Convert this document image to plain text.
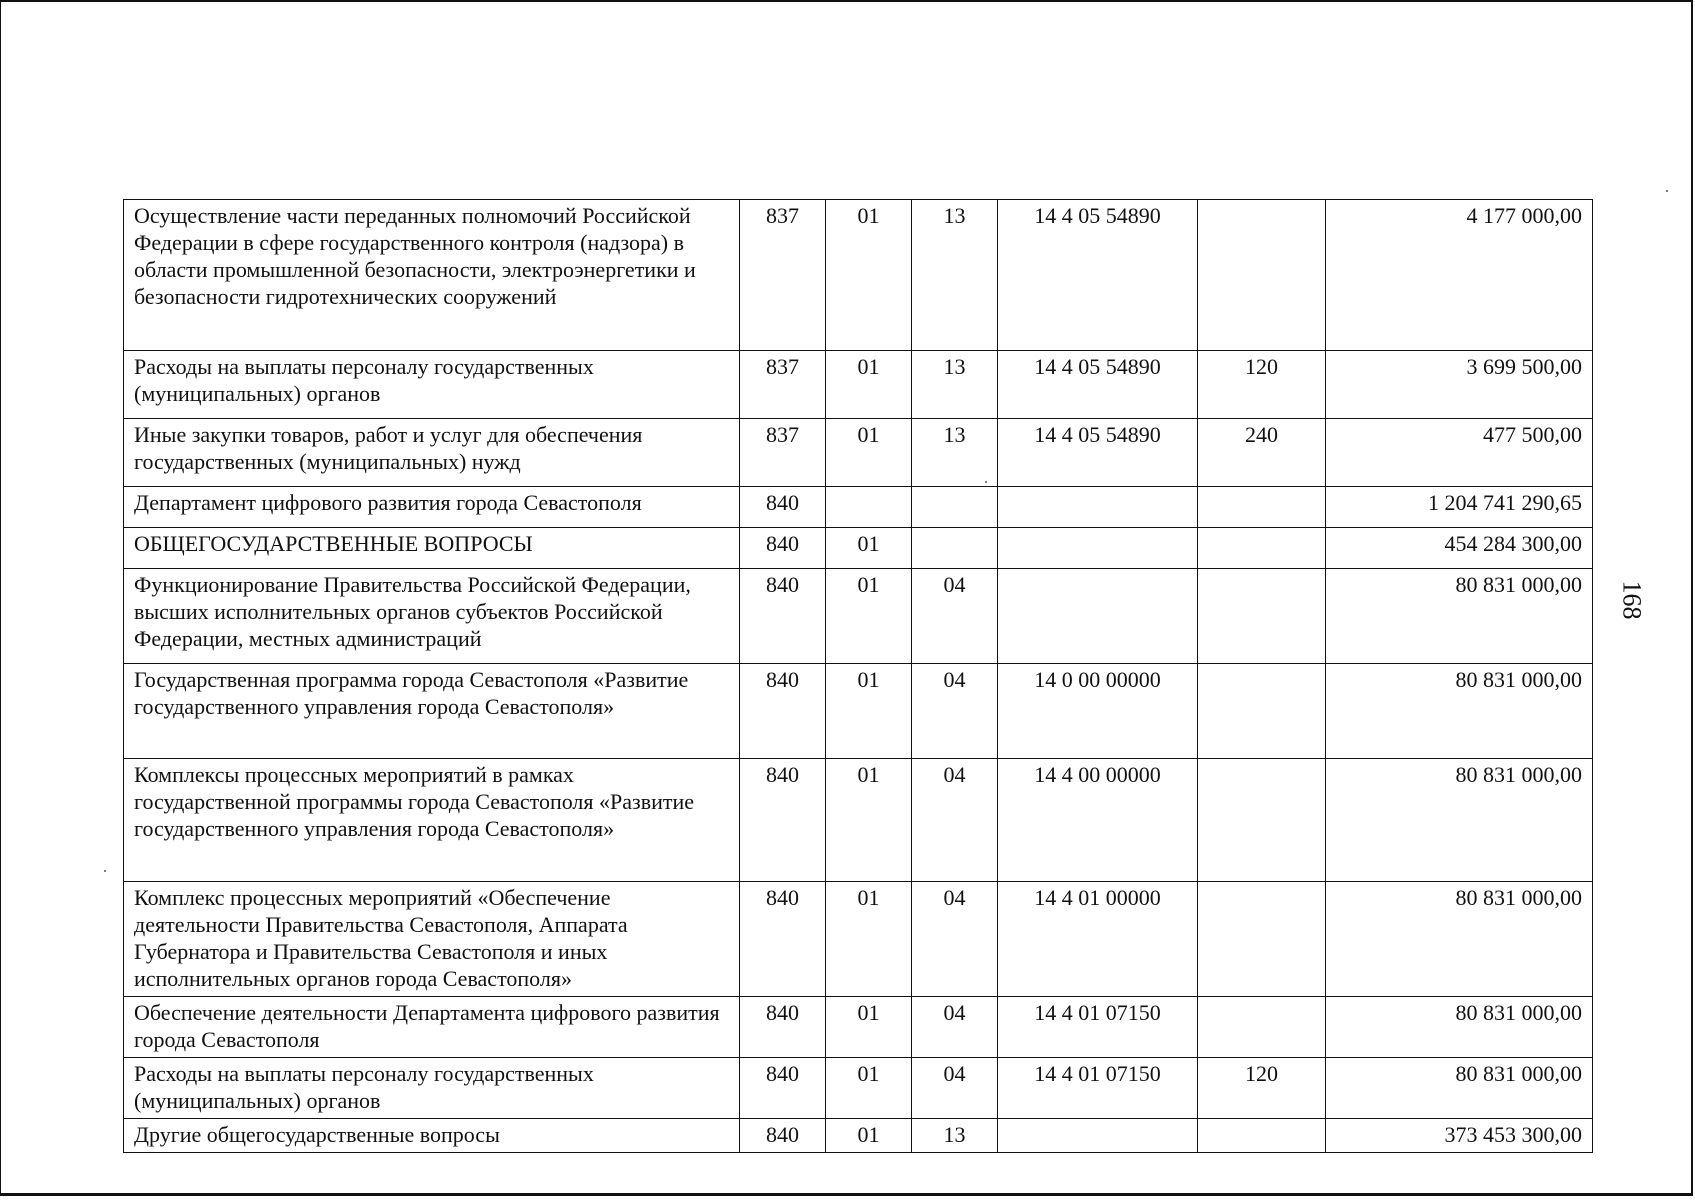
Осуществление части переданных полномочий Российской Федерации в сфере государственного контроля (надзора) в области промышленной безопасности, электроэнергетики и безопасности гидротехнических сооружений	837	01	13	14 4 05 54890		4 177 000,00
Расходы на выплаты персоналу государственных (муниципальных) органов	837	01	13	14 4 05 54890	120	3 699 500,00
Иные закупки товаров, работ и услуг для обеспечения государственных (муниципальных) нужд	837	01	13	14 4 05 54890	240	477 500,00
Департамент цифрового развития города Севастополя	840					1 204 741 290,65
ОБЩЕГОСУДАРСТВЕННЫЕ ВОПРОСЫ	840	01				454 284 300,00
Функционирование Правительства Российской Федерации, высших исполнительных органов субъектов Российской Федерации, местных администраций	840	01	04			80 831 000,00
Государственная программа города Севастополя «Развитие государственного управления города Севастополя»	840	01	04	14 0 00 00000		80 831 000,00
Комплексы процессных мероприятий в рамках государственной программы города Севастополя «Развитие государственного управления города Севастополя»	840	01	04	14 4 00 00000		80 831 000,00
Комплекс процессных мероприятий «Обеспечение деятельности Правительства Севастополя, Аппарата Губернатора и Правительства Севастополя и иных исполнительных органов города Севастополя»	840	01	04	14 4 01 00000		80 831 000,00
Обеспечение деятельности Департамента цифрового развития города Севастополя	840	01	04	14 4 01 07150		80 831 000,00
Расходы на выплаты персоналу государственных (муниципальных) органов	840	01	04	14 4 01 07150	120	80 831 000,00
Другие общегосударственные вопросы	840	01	13			373 453 300,00
168
